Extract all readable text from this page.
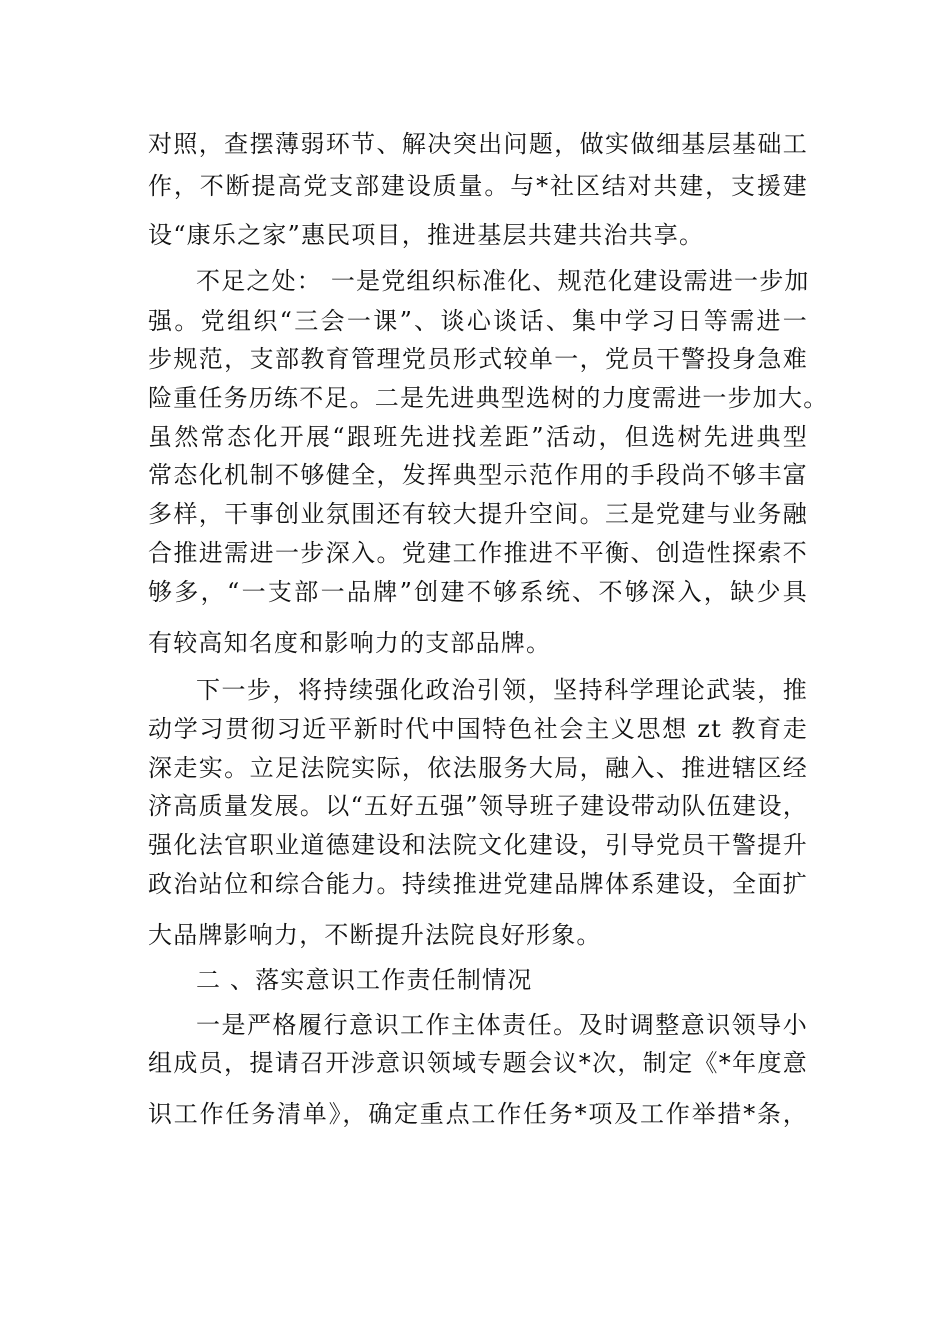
对照，查摆薄弱环节、解决突出问题，做实做细基层基础工
作，不断提高党支部建设质量。与*社区结对共建，支援建
设“康乐之家”惠民项目，推进基层共建共治共享。
不足之处： 一是党组织标准化、规范化建设需进一步加
强。党组织“三会一课”、谈心谈话、集中学习日等需进一
步规范，支部教育管理党员形式较单一，党员干警投身急难
险重任务历练不足。二是先进典型选树的力度需进一步加大。
虽然常态化开展“跟班先进找差距”活动，但选树先进典型
常态化机制不够健全，发挥典型示范作用的手段尚不够丰富
多样，干事创业氛围还有较大提升空间。三是党建与业务融
合推进需进一步深入。党建工作推进不平衡、创造性探索不
够多，“一支部一品牌”创建不够系统、不够深入，缺少具
有较高知名度和影响力的支部品牌。
下一步，将持续强化政治引领，坚持科学理论武装，推
动学习贯彻习近平新时代中国特色社会主义思想 zt 教育走
深走实。立足法院实际，依法服务大局，融入、推进辖区经
济高质量发展。以“五好五强”领导班子建设带动队伍建设，
强化法官职业道德建设和法院文化建设，引导党员干警提升
政治站位和综合能力。持续推进党建品牌体系建设，全面扩
大品牌影响力，不断提升法院良好形象。
二 、落实意识工作责任制情况
一是严格履行意识工作主体责任。及时调整意识领导小
组成员，提请召开涉意识领域专题会议*次，制定《*年度意
识工作任务清单》，确定重点工作任务*项及工作举措*条，
